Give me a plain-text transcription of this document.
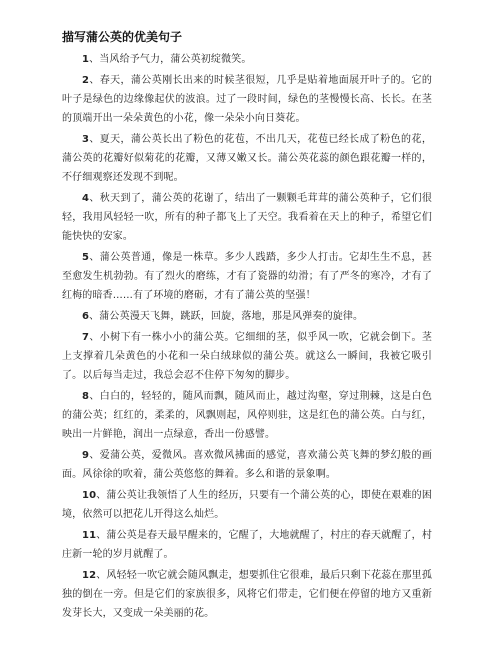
描写蒲公英的优美句子

1、当风给予气力，蒲公英初绽微笑。

2、春天，蒲公英刚长出来的时候茎很短，几乎是贴着地面展开叶子的。它的叶子是绿色的边缘像起伏的波浪。过了一段时间，绿色的茎慢慢长高、长长。在茎的顶端开出一朵朵黄色的小花，像一朵朵小向日葵花。

3、夏天，蒲公英长出了粉色的花苞，不出几天，花苞已经长成了粉色的花，蒲公英的花瓣好似菊花的花瓣，又薄又嫩又长。蒲公英花蕊的颜色跟花瓣一样的，不仔细观察还发现不到呢。

4、秋天到了，蒲公英的花谢了，结出了一颗颗毛茸茸的蒲公英种子，它们很轻，我用风轻轻一吹，所有的种子都飞上了天空。我看着在天上的种子，希望它们能快快的安家。

5、蒲公英普通，像是一株草。多少人践踏，多少人打击。它却生生不息，甚至愈发生机勃勃。有了烈火的磨练，才有了瓷器的幼滑；有了严冬的寒冷，才有了红梅的暗香……有了环境的磨砺，才有了蒲公英的坚强！

6、蒲公英漫天飞舞，跳跃，回旋，落地，那是风弹奏的旋律。

7、小树下有一株小小的蒲公英。它细细的茎，似乎风一吹，它就会倒下。茎上支撑着几朵黄色的小花和一朵白绒球似的蒲公英。就这么一瞬间，我被它吸引了。以后每当走过，我总会忍不住停下匆匆的脚步。

8、白白的，轻轻的，随风而飘，随风而止，越过沟壑，穿过荆棘，这是白色的蒲公英；红红的，柔柔的，风飘则起，风停则驻，这是红色的蒲公英。白与红，映出一片鲜艳，润出一点绿意，香出一份感譬。

9、爱蒲公英，爱微风。喜欢微风拂面的感觉，喜欢蒲公英飞舞的梦幻般的画面。风徐徐的吹着，蒲公英悠悠的舞着。多么和谐的景象啊。

10、蒲公英让我领悟了人生的经历，只要有一个蒲公英的心，即使在艰难的困境，依然可以把花儿开得这么灿烂。

11、蒲公英是春天最早醒来的，它醒了，大地就醒了，村庄的春天就醒了，村庄新一轮的岁月就醒了。

12、风轻轻一吹它就会随风飘走，想要抓住它很难，最后只剩下花蕊在那里孤独的倒在一旁。但是它们的家族很多，风将它们带走，它们便在停留的地方又重新发芽长大，又变成一朵美丽的花。
